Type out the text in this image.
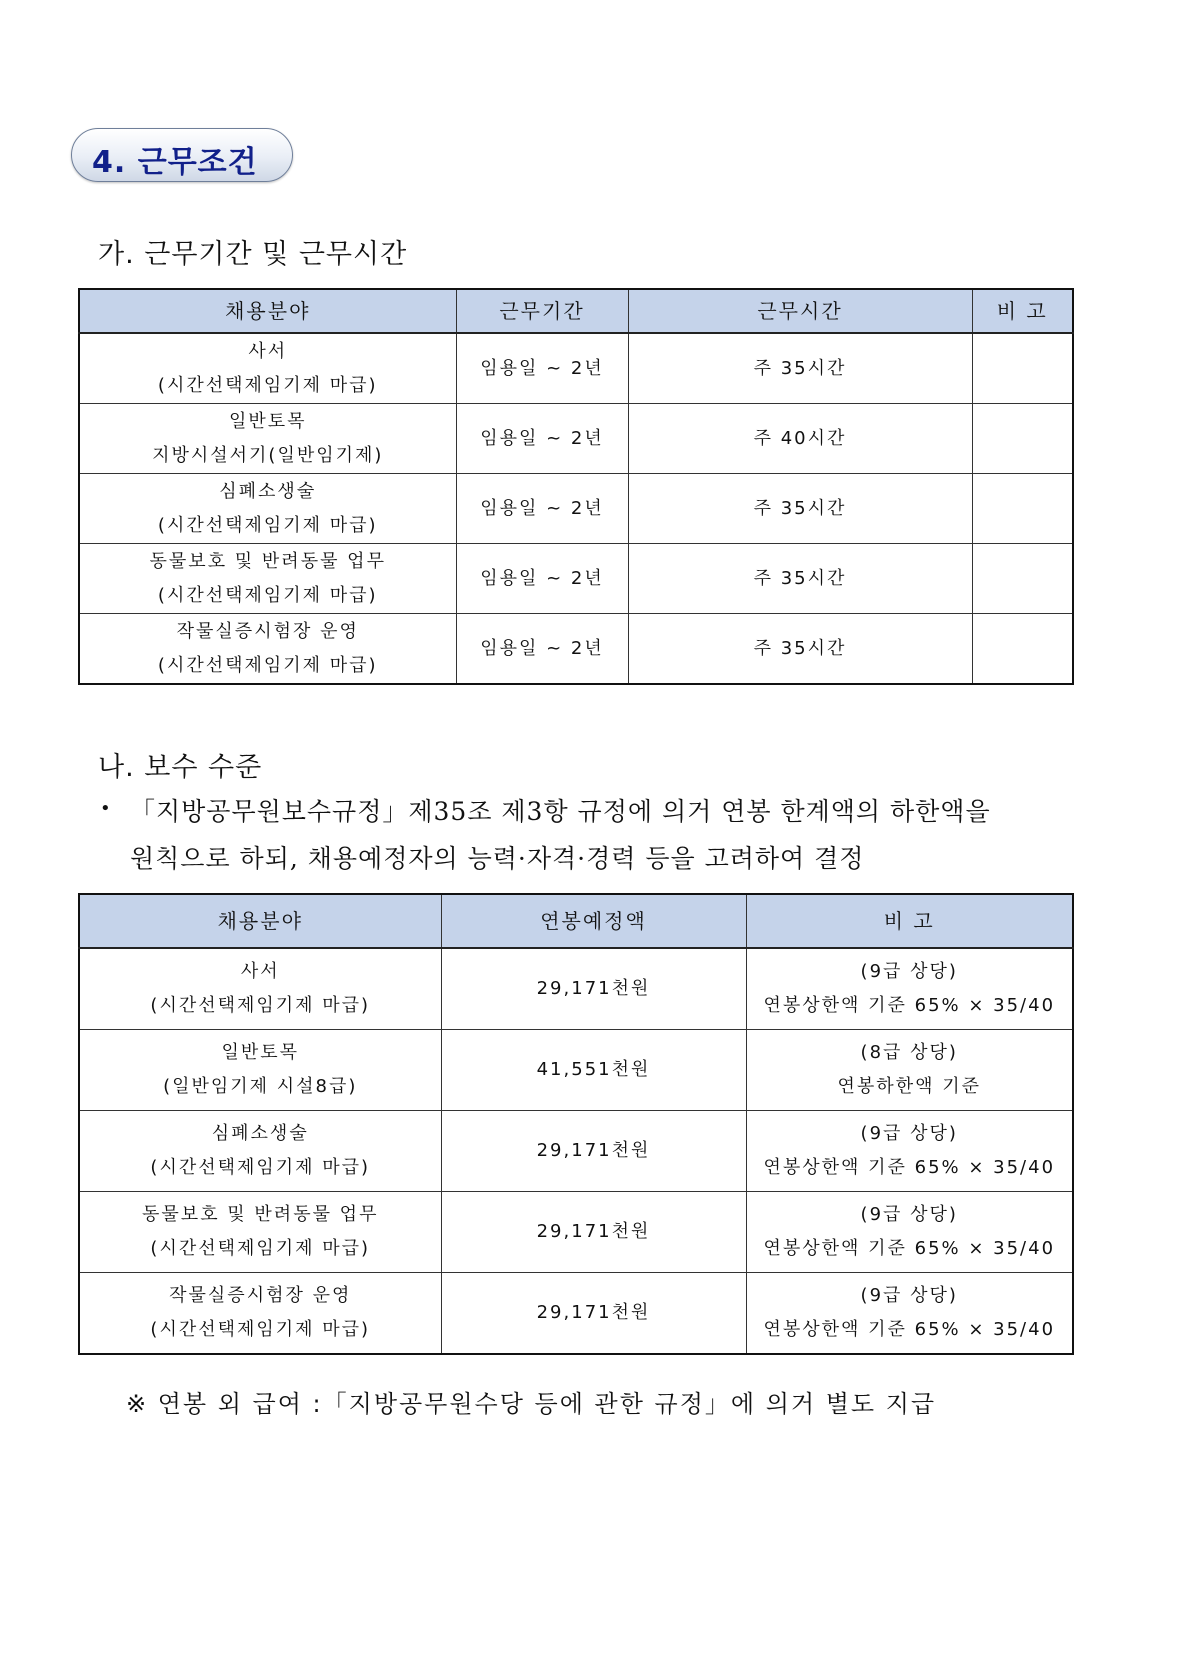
4. 근무조건
가. 근무기간 및 근무시간
채용분야	근무기간	근무시간	비 고

사서
(시간선택제임기제 마급)	임용일 ~ 2년	주 35시간	

일반토목
지방시설서기(일반임기제)	임용일 ~ 2년	주 40시간	

심폐소생술
(시간선택제임기제 마급)	임용일 ~ 2년	주 35시간	

동물보호 및 반려동물 업무
(시간선택제임기제 마급)	임용일 ~ 2년	주 35시간	

작물실증시험장 운영
(시간선택제임기제 마급)	임용일 ~ 2년	주 35시간	
나. 보수 수준
• 「지방공무원보수규정」제35조 제3항 규정에 의거 연봉 한계액의 하한액을
원칙으로 하되, 채용예정자의 능력·자격·경력 등을 고려하여 결정
채용분야	연봉예정액	비 고

사서
(시간선택제임기제 마급)	29,171천원	(9급 상당)
연봉상한액 기준 65% × 35/40

일반토목
(일반임기제 시설8급)	41,551천원	(8급 상당)
연봉하한액 기준

심폐소생술
(시간선택제임기제 마급)	29,171천원	(9급 상당)
연봉상한액 기준 65% × 35/40

동물보호 및 반려동물 업무
(시간선택제임기제 마급)	29,171천원	(9급 상당)
연봉상한액 기준 65% × 35/40

작물실증시험장 운영
(시간선택제임기제 마급)	29,171천원	(9급 상당)
연봉상한액 기준 65% × 35/40
※ 연봉 외 급여 :「지방공무원수당 등에 관한 규정」에 의거 별도 지급
